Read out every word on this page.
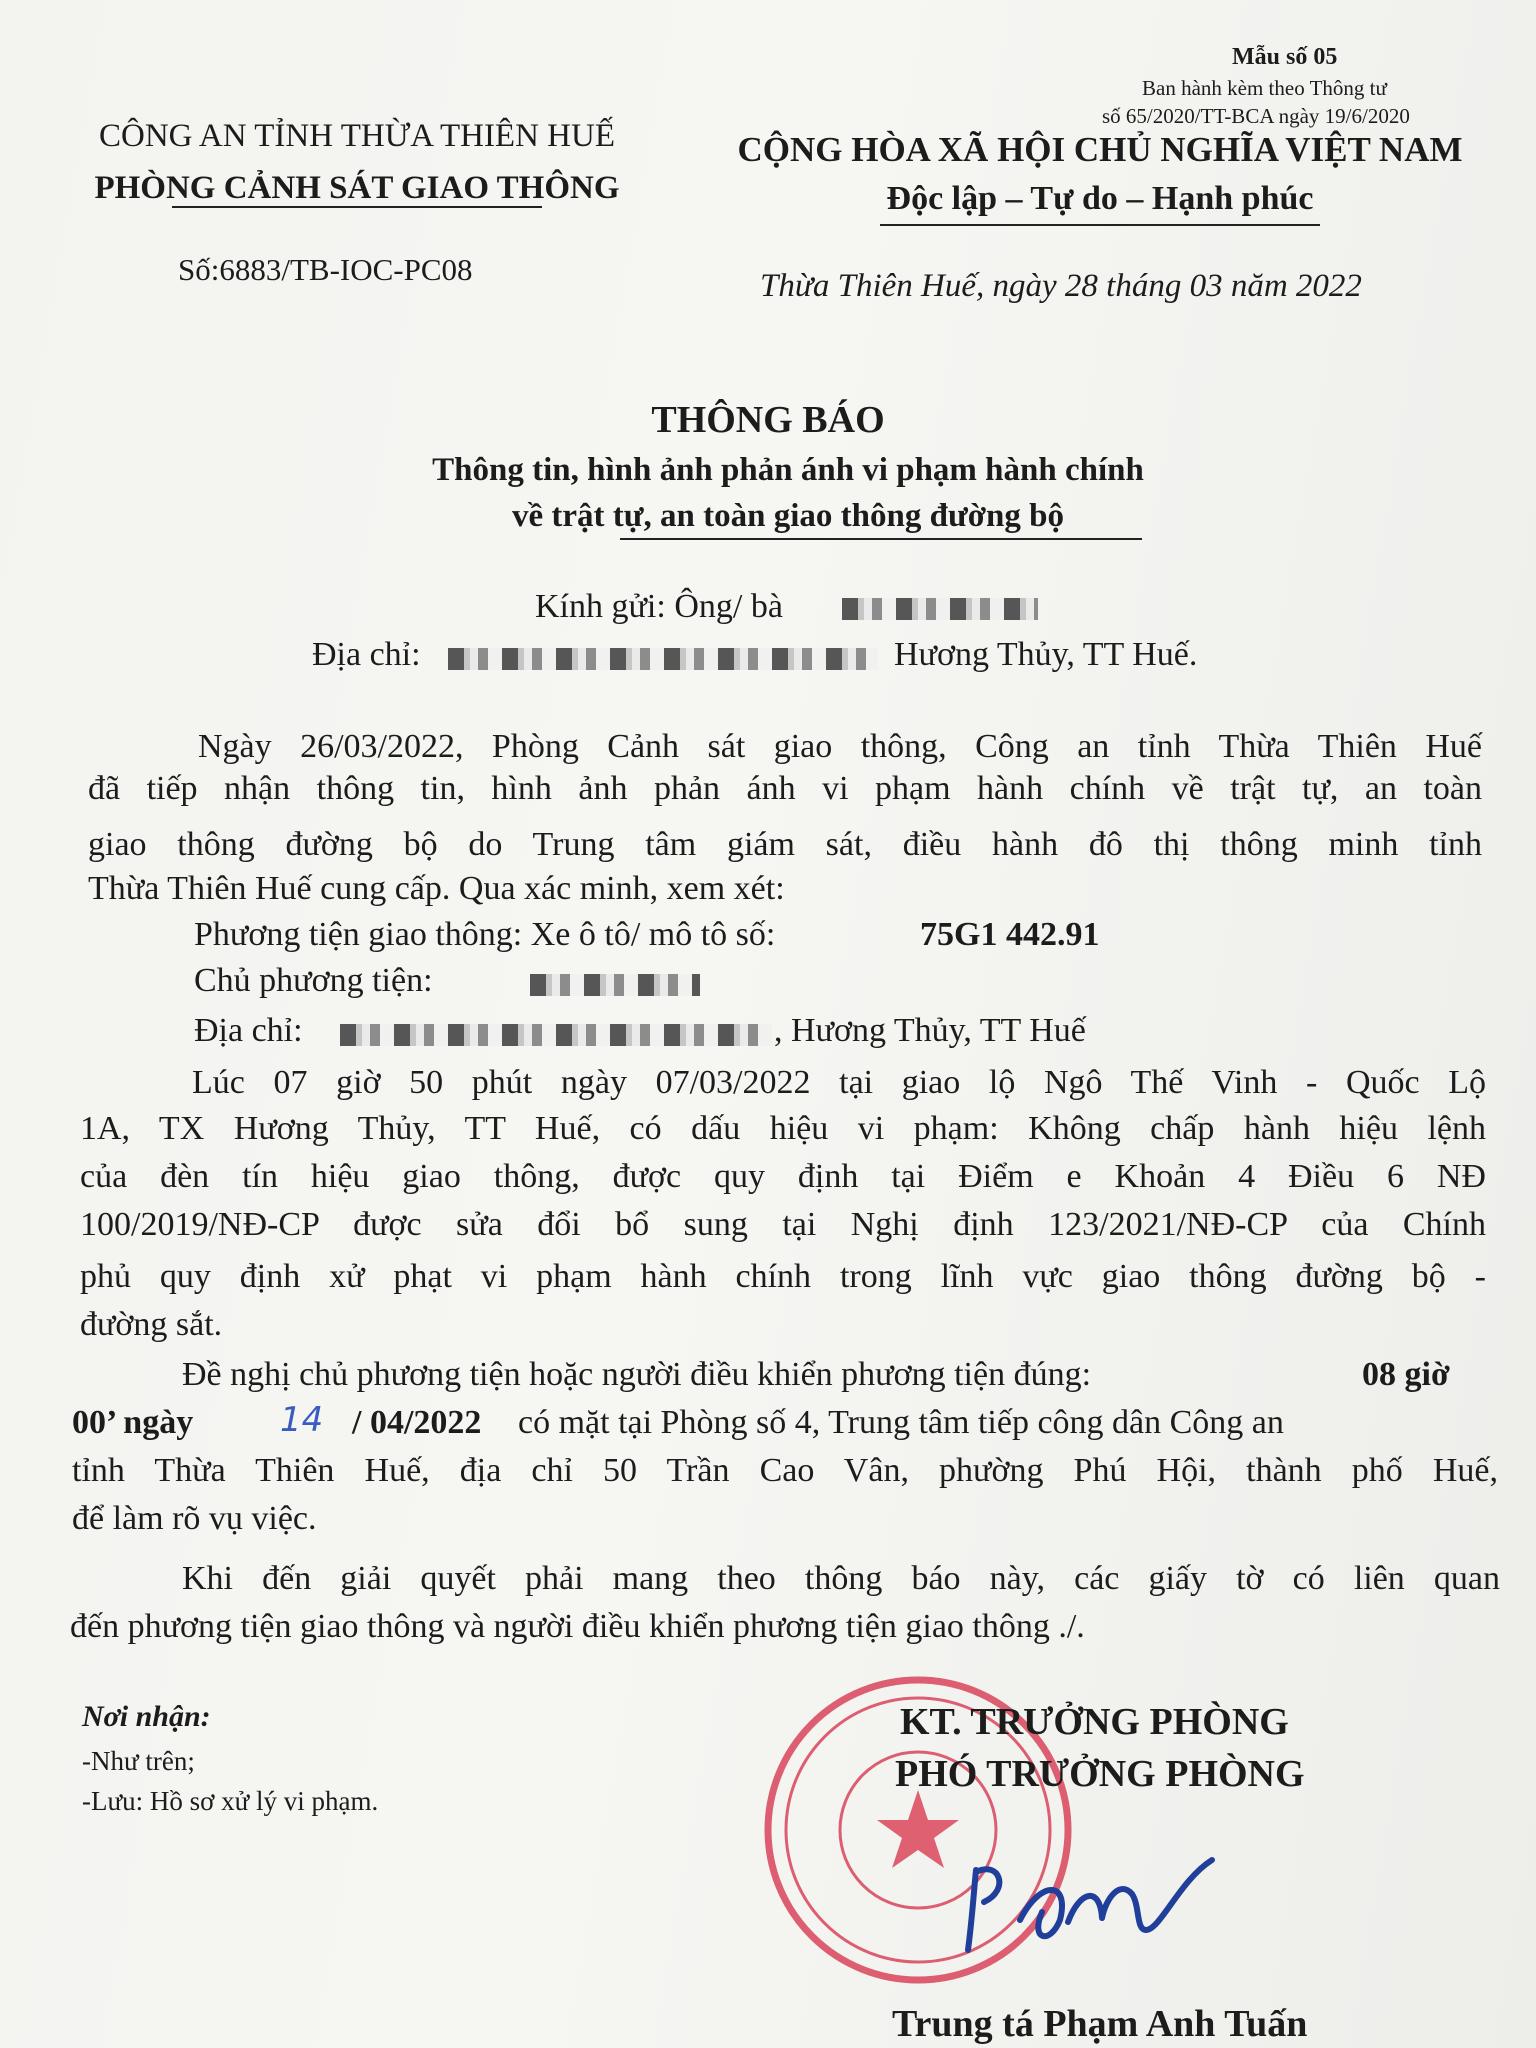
Mẫu số 05
Ban hành kèm theo Thông tư
số 65/2020/TT-BCA ngày 19/6/2020
CÔNG AN TỈNH THỪA THIÊN HUẾ
PHÒNG CẢNH SÁT GIAO THÔNG
CỘNG HÒA XÃ HỘI CHỦ NGHĨA VIỆT NAM
Độc lập – Tự do – Hạnh phúc
Số:6883/TB-IOC-PC08	Thừa Thiên Huế, ngày 28 tháng 03 năm 2022
THÔNG BÁO
Thông tin, hình ảnh phản ánh vi phạm hành chính
về trật tự, an toàn giao thông đường bộ
Kính gửi: Ông/ bà
Địa chỉ:	Hương Thủy, TT Huế.
Ngày 26/03/2022, Phòng Cảnh sát giao thông, Công an tỉnh Thừa Thiên Huế
đã tiếp nhận thông tin, hình ảnh phản ánh vi phạm hành chính về trật tự, an toàn
giao thông đường bộ do Trung tâm giám sát, điều hành đô thị thông minh tỉnh
Thừa Thiên Huế cung cấp. Qua xác minh, xem xét:
Phương tiện giao thông: Xe ô tô/ mô tô số:	75G1 442.91
Chủ phương tiện:
Địa chỉ:	, Hương Thủy, TT Huế
Lúc 07 giờ 50 phút ngày 07/03/2022 tại giao lộ Ngô Thế Vinh - Quốc Lộ
1A, TX Hương Thủy, TT Huế, có dấu hiệu vi phạm: Không chấp hành hiệu lệnh
của đèn tín hiệu giao thông, được quy định tại Điểm e Khoản 4 Điều 6 NĐ
100/2019/NĐ-CP được sửa đổi bổ sung tại Nghị định 123/2021/NĐ-CP của Chính
phủ quy định xử phạt vi phạm hành chính trong lĩnh vực giao thông đường bộ -
đường sắt.
Đề nghị chủ phương tiện hoặc người điều khiển phương tiện đúng:	08 giờ
00’ ngày	14 / 04/2022 có mặt tại Phòng số 4, Trung tâm tiếp công dân Công an
tỉnh Thừa Thiên Huế, địa chỉ 50 Trần Cao Vân, phường Phú Hội, thành phố Huế,
để làm rõ vụ việc.
Khi đến giải quyết phải mang theo thông báo này, các giấy tờ có liên quan
đến phương tiện giao thông và người điều khiển phương tiện giao thông ./.
Nơi nhận:
-Như trên;
-Lưu: Hồ sơ xử lý vi phạm.
KT. TRƯỞNG PHÒNG
PHÓ TRƯỞNG PHÒNG
Trung tá Phạm Anh Tuấn
